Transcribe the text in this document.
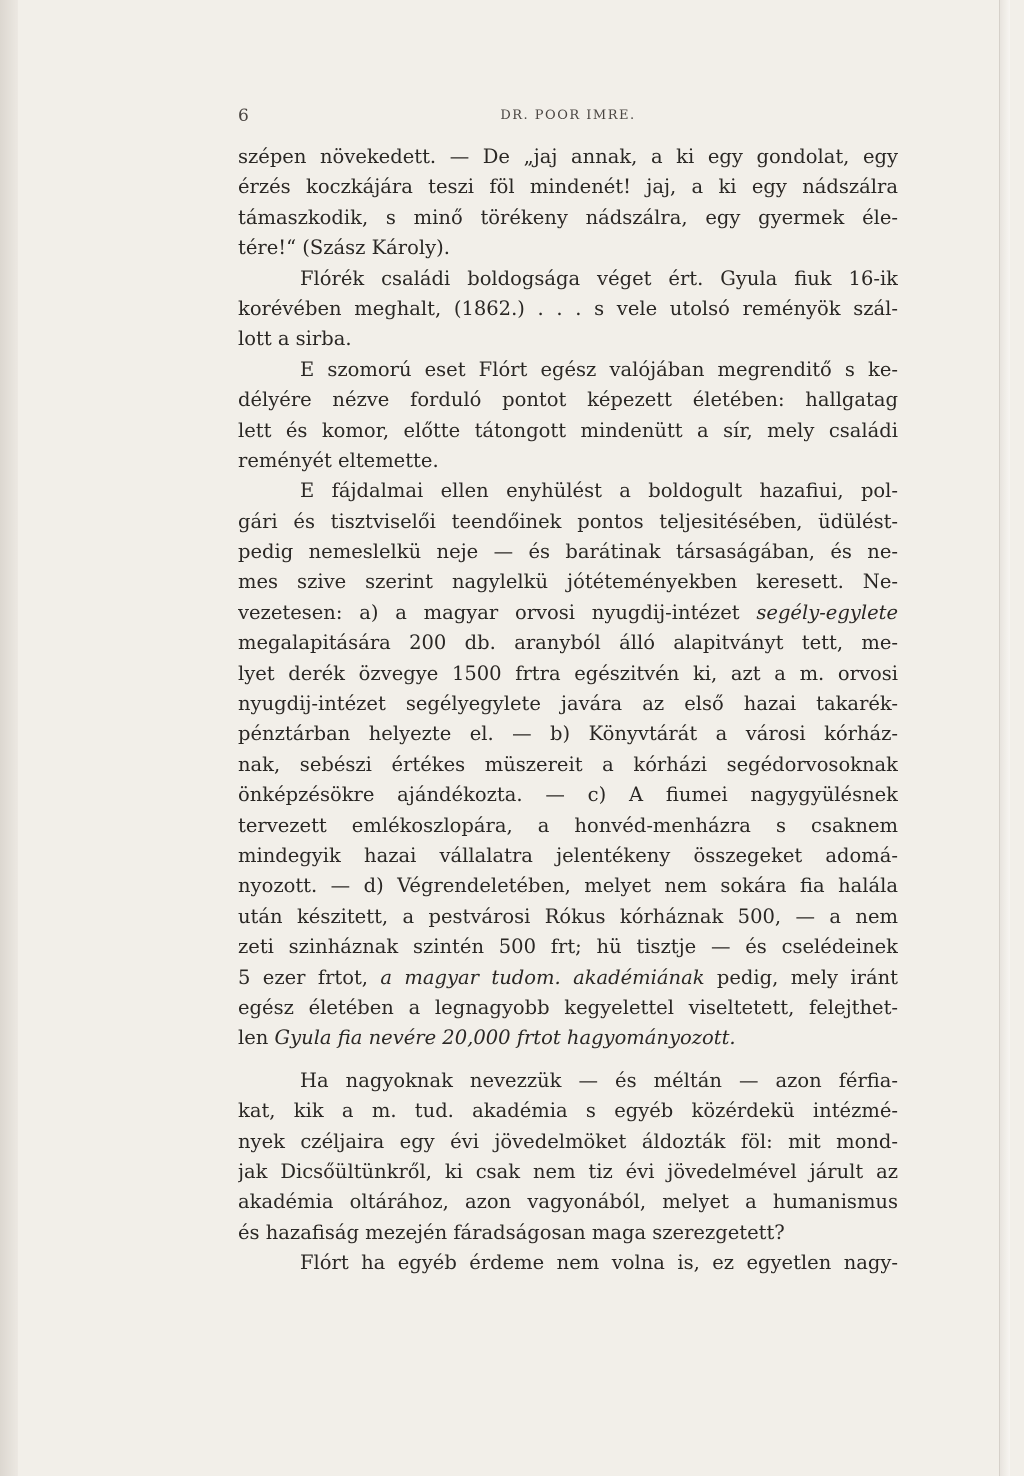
6	DR. POOR IMRE.
szépen növekedett. — De „jaj annak, a ki egy gondolat, egy
érzés koczkájára teszi föl mindenét! jaj, a ki egy nádszálra
támaszkodik, s minő törékeny nádszálra, egy gyermek éle-
tére!“ (Szász Károly).
Flórék családi boldogsága véget ért. Gyula fiuk 16-ik
korévében meghalt, (1862.) . . . s vele utolsó reményök szál-
lott a sirba.
E szomorú eset Flórt egész valójában megrenditő s ke-
délyére nézve forduló pontot képezett életében: hallgatag
lett és komor, előtte tátongott mindenütt a sír, mely családi
reményét eltemette.
E fájdalmai ellen enyhülést a boldogult hazafiui, pol-
gári és tisztviselői teendőinek pontos teljesitésében, üdülést-
pedig nemeslelkü neje — és barátinak társaságában, és ne-
mes szive szerint nagylelkü jótéteményekben keresett. Ne-
vezetesen: a) a magyar orvosi nyugdij-intézet segély-egylete
megalapitására 200 db. aranyból álló alapitványt tett, me-
lyet derék özvegye 1500 frtra egészitvén ki, azt a m. orvosi
nyugdij-intézet segélyegylete javára az első hazai takarék-
pénztárban helyezte el. — b) Könyvtárát a városi kórház-
nak, sebészi értékes müszereit a kórházi segédorvosoknak
önképzésökre ajándékozta. — c) A fiumei nagygyülésnek
tervezett emlékoszlopára, a honvéd-menházra s csaknem
mindegyik hazai vállalatra jelentékeny összegeket adomá-
nyozott. — d) Végrendeletében, melyet nem sokára fia halála
után készitett, a pestvárosi Rókus kórháznak 500, — a nem
zeti szinháznak szintén 500 frt; hü tisztje — és cselédeinek
5 ezer frtot, a magyar tudom. akadémiának pedig, mely iránt
egész életében a legnagyobb kegyelettel viseltetett, felejthet-
len Gyula fia nevére 20,000 frtot hagyományozott.
Ha nagyoknak nevezzük — és méltán — azon férfia-
kat, kik a m. tud. akadémia s egyéb közérdekü intézmé-
nyek czéljaira egy évi jövedelmöket áldozták föl: mit mond-
jak Dicsőültünkről, ki csak nem tiz évi jövedelmével járult az
akadémia oltárához, azon vagyonából, melyet a humanismus
és hazafiság mezején fáradságosan maga szerezgetett?
Flórt ha egyéb érdeme nem volna is, ez egyetlen nagy-
